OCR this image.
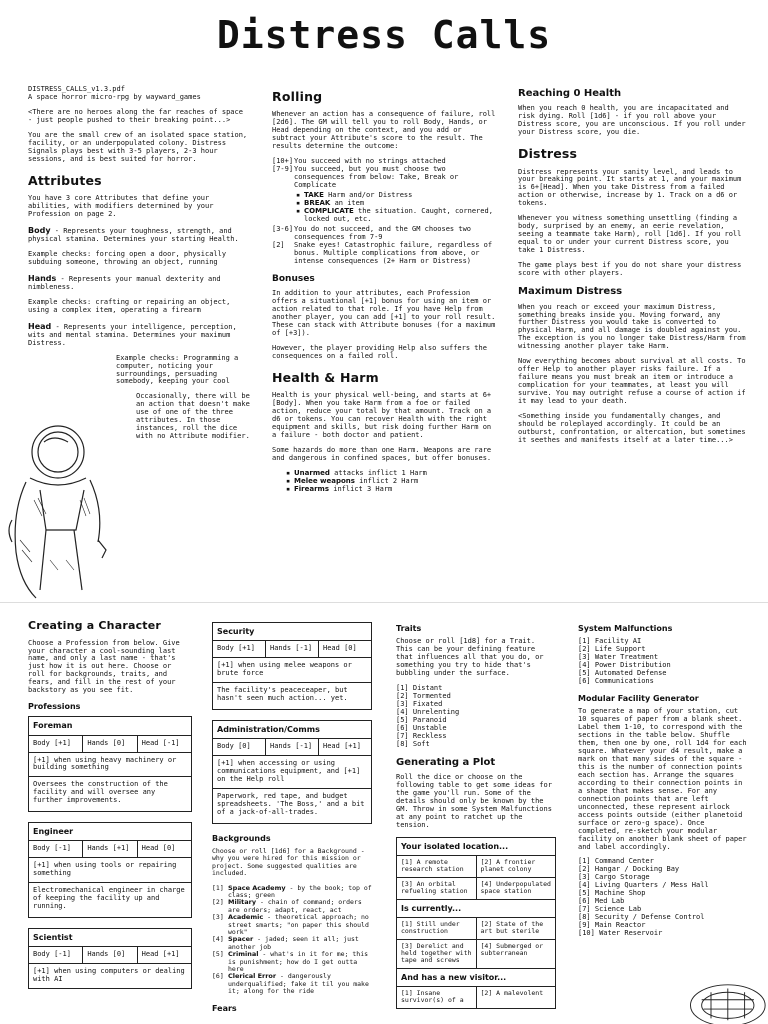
Distress Calls

DISTRESS_CALLS_v1.3.pdf

A space horror micro-rpg by wayward_games

<There are no heroes along the far reaches of space - just people pushed to their breaking point...>

You are the small crew of an isolated space station, facility, or an underpopulated colony. Distress Signals plays best with 3-5 players, 2-3 hour sessions, and is best suited for horror.

Attributes

You have 3 core Attributes that define your abilities, with modifiers determined by your Profession on page 2.

Body - Represents your toughness, strength, and physical stamina. Determines your starting Health.

Example checks: forcing open a door, physically subduing someone, throwing an object, running

Hands - Represents your manual dexterity and nimbleness.

Example checks: crafting or repairing an object, using a complex item, operating a firearm

Head - Represents your intelligence, perception, wits and mental stamina. Determines your maximum Distress.

Example checks: Programming a computer, noticing your surroundings, persuading somebody, keeping your cool

Occasionally, there will be an action that doesn't make use of one of the three attributes. In those instances, roll the dice with no Attribute modifier.

Rolling

Whenever an action has a consequence of failure, roll [2d6]. The GM will tell you to roll Body, Hands, or Head depending on the context, and you add or subtract your Attribute's score to the result. The results determine the outcome:

[10+] You succeed with no strings attached
[7-9] You succeed, but you must choose two consequences from below: Take, Break or Complicate
▪ TAKE Harm and/or Distress
▪ BREAK an item
▪ COMPLICATE the situation. Caught, cornered, locked out, etc.
[3-6] You do not succeed, and the GM chooses two consequences from 7-9
[2]	Snake eyes! Catastrophic failure, regardless of bonus. Multiple complications from above, or intense consequences (2+ Harm or Distress)
Bonuses

In addition to your attributes, each Profession offers a situational [+1] bonus for using an item or action related to that role. If you have Help from another player, you can add [+1] to your roll result. These can stack with Attribute bonuses (for a maximum of [+3]).

However, the player providing Help also suffers the consequences on a failed roll.

Health & Harm

Health is your physical well-being, and starts at 6+[Body]. When you take Harm from a foe or failed action, reduce your total by that amount. Track on a d6 or tokens. You can recover Health with the right equipment and skills, but risk doing further Harm on a failure - both doctor and patient.

Some hazards do more than one Harm. Weapons are rare and dangerous in confined spaces, but offer bonuses.

▪ Unarmed attacks inflict 1 Harm
▪ Melee weapons inflict 2 Harm
▪ Firearms inflict 3 Harm
Reaching 0 Health

When you reach 0 health, you are incapacitated and risk dying. Roll [1d6] - if you roll above your Distress score, you are unconscious. If you roll under your Distress score, you die.

Distress

Distress represents your sanity level, and leads to your breaking point. It starts at 1, and your maximum is 6+[Head]. When you take Distress from a failed action or otherwise, increase by 1. Track on a d6 or tokens.

Whenever you witness something unsettling (finding a body, surprised by an enemy, an eerie revelation, seeing a teammate take Harm), roll [1d6]. If you roll equal to or under your current Distress score, you take 1 Distress.

The game plays best if you do not share your distress score with other players.

Maximum Distress

When you reach or exceed your maximum Distress, something breaks inside you. Moving forward, any further Distress you would take is converted to physical Harm, and all damage is doubled against you. The exception is you no longer take Distress/Harm from witnessing another player take Harm.

Now everything becomes about survival at all costs. To offer Help to another player risks failure. If a failure means you must break an item or introduce a complication for your teammates, at least you will survive. You may outright refuse a course of action if it may lead to your death.

<Something inside you fundamentally changes, and should be roleplayed accordingly. It could be an outburst, confrontation, or altercation, but sometimes it seethes and manifests itself at a later time...>

Creating a Character

Choose a Profession from below. Give your character a cool-sounding last name, and only a last name - that's just how it is out here. Choose or roll for backgrounds, traits, and fears, and fill in the rest of your backstory as you see fit.

Professions
Foreman
Body [+1]	Hands [0]	Head [-1]
[+1] when using heavy machinery or building something
Oversees the construction of the facility and will oversee any further improvements.
Engineer
Body [-1]	Hands [+1]	Head [0]
[+1] when using tools or repairing something
Electromechanical engineer in charge of keeping the facility up and running.
Scientist
Body [-1]	Hands [0]	Head [+1]
[+1] when using computers or dealing with AI
Security
Body [+1]	Hands [-1]	Head [0]
[+1] when using melee weapons or brute force
The facility's peaceceaper, but hasn't seen much action... yet.
Administration/Comms
Body [0]	Hands [-1]	Head [+1]
[+1] when accessing or using communications equipment, and [+1] on the Help roll
Paperwork, red tape, and budget spreadsheets. 'The Boss,' and a bit of a jack-of-all-trades.
Backgrounds

Choose or roll [1d6] for a Background - why you were hired for this mission or project. Some suggested qualities are included.

[1] Space Academy - by the book; top of class; green
[2] Military - chain of command; orders are orders; adapt, react, act
[3] Academic - theoretical approach; no street smarts; "on paper this should work"
[4] Spacer - jaded; seen it all; just another job
[5] Criminal - what's in it for me; this is punishment; how do I get outta here
[6] Clerical Error - dangerously underqualified; fake it til you make it; along for the ride
Fears
Traits

Choose or roll [1d8] for a Trait. This can be your defining feature that influences all that you do, or something you try to hide that's bubbling under the surface.

[1] Distant
[2] Tormented
[3] Fixated
[4] Unrelenting
[5] Paranoid
[6] Unstable
[7] Reckless
[8] Soft
Generating a Plot

Roll the dice or choose on the following table to get some ideas for the game you'll run. Some of the details should only be known by the GM. Throw in some System Malfunctions at any point to ratchet up the tension.

Your isolated location...
[1] A remote research station
[2] A frontier planet colony
[3] An orbital refueling station
[4] Underpopulated space station
Is currently...
[1] Still under construction
[2] State of the art but sterile
[3] Derelict and held together with tape and screws
[4] Submerged or subterranean
And has a new visitor...
[1] Insane survivor(s) of a
[2] A malevolent
System Malfunctions
[1] Facility AI
[2] Life Support
[3] Water Treatment
[4] Power Distribution
[5] Automated Defense
[6] Communications
Modular Facility Generator

To generate a map of your station, cut 10 squares of paper from a blank sheet. Label them 1-10, to correspond with the sections in the table below. Shuffle them, then one by one, roll 1d4 for each square. Whatever your d4 result, make a mark on that many sides of the square - this is the number of connection points each section has. Arrange the squares according to their connection points in a shape that makes sense. For any connection points that are left unconnected, these represent airlock access points outside (either planetoid surface or zero-g space). Once completed, re-sketch your modular facility on another blank sheet of paper and label accordingly.

[1] Command Center
[2] Hangar / Docking Bay
[3] Cargo Storage
[4] Living Quarters / Mess Hall
[5] Machine Shop
[6] Med Lab
[7] Science Lab
[8] Security / Defense Control
[9] Main Reactor
[10] Water Reservoir
